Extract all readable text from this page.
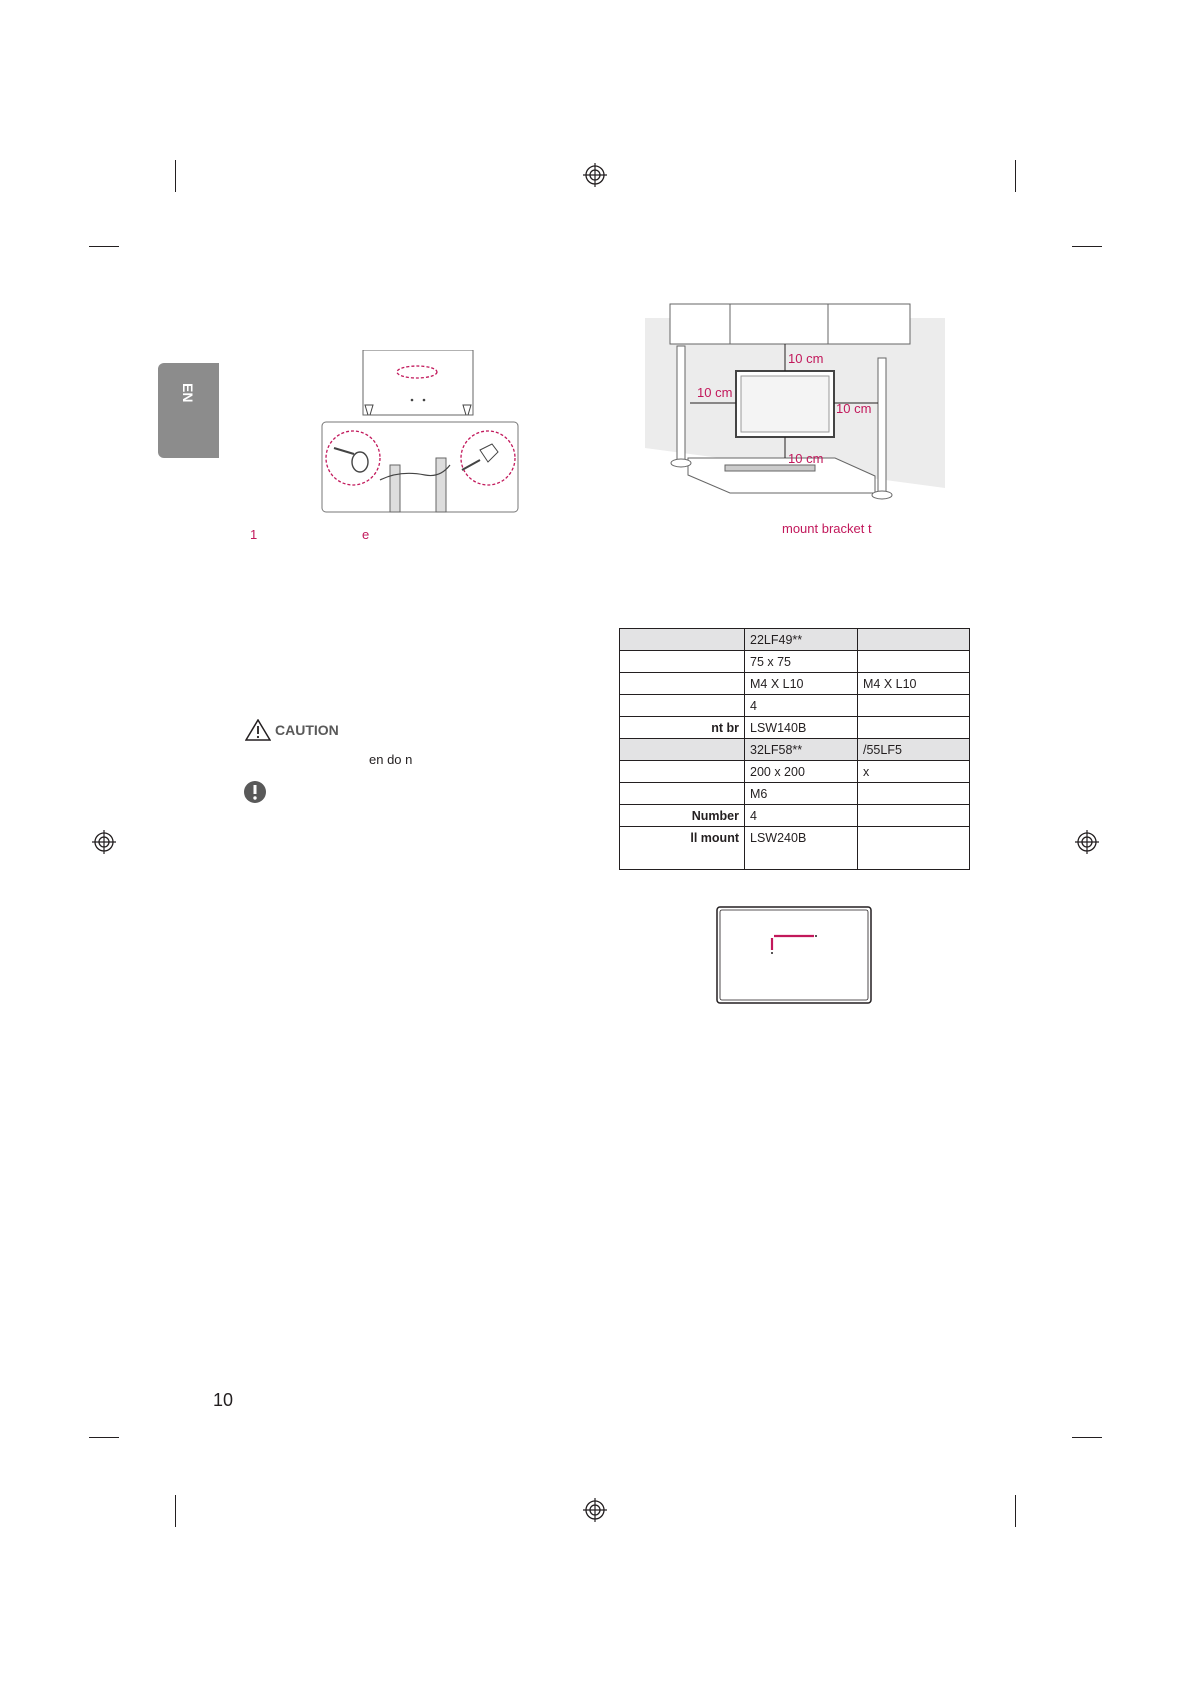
EN
1	e
CAUTION
en do n
10 cm
10 cm
10 cm
10 cm
mount bracket t
	22LF49**	
	75 x 75	
	M4 X L10	M4 X L10
	4	
nt br	LSW140B	
	32LF58**	/55LF5
	200 x 200	x
	M6	
Number	4	
ll mount	LSW240B	
10
